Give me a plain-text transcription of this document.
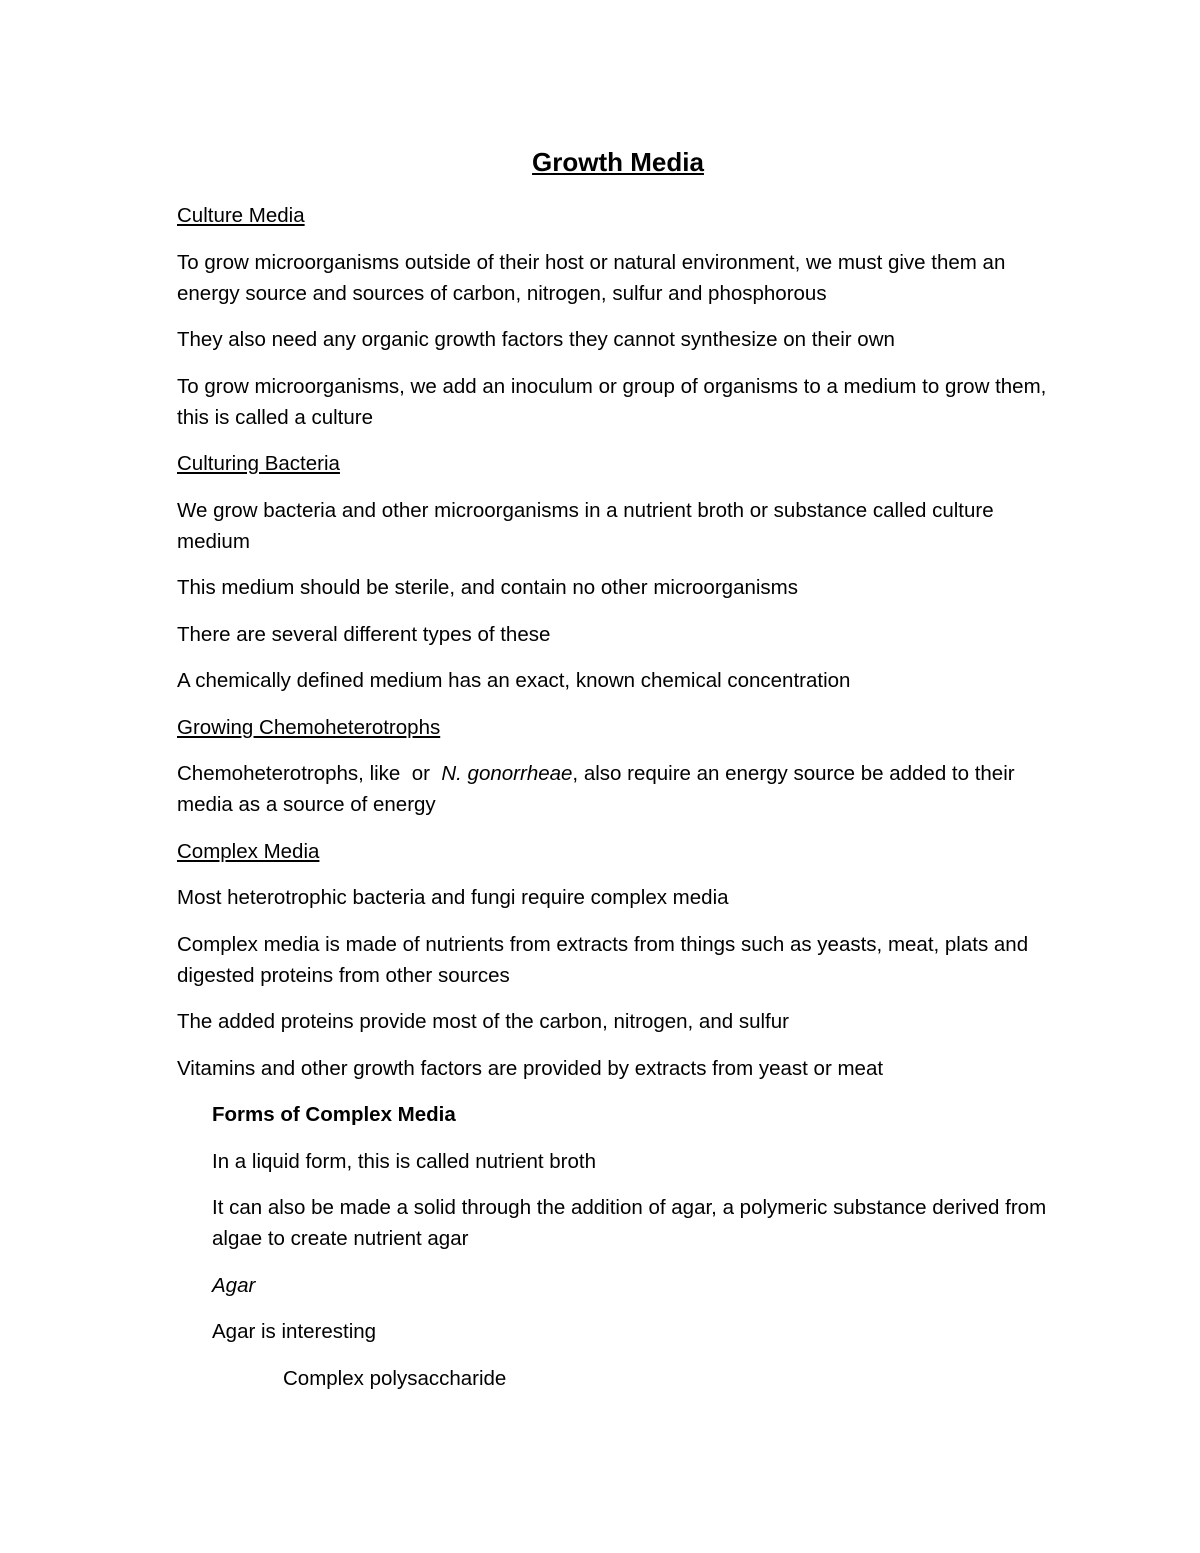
Growth Media

Culture Media

To grow microorganisms outside of their host or natural environment, we must give them an energy source and sources of carbon, nitrogen, sulfur and phosphorous

They also need any organic growth factors they cannot synthesize on their own

To grow microorganisms, we add an inoculum or group of organisms to a medium to grow them, this is called a culture

Culturing Bacteria

We grow bacteria and other microorganisms in a nutrient broth or substance called culture medium

This medium should be sterile, and contain no other microorganisms

There are several different types of these

A chemically defined medium has an exact, known chemical concentration

Growing Chemoheterotrophs

Chemoheterotrophs, like  or  N. gonorrheae, also require an energy source be added to their media as a source of energy

Complex Media

Most heterotrophic bacteria and fungi require complex media

Complex media is made of nutrients from extracts from things such as yeasts, meat, plats and digested proteins from other sources

The added proteins provide most of the carbon, nitrogen, and sulfur

Vitamins and other growth factors are provided by extracts from yeast or meat

Forms of Complex Media

In a liquid form, this is called nutrient broth

It can also be made a solid through the addition of agar, a polymeric substance derived from algae to create nutrient agar

Agar

Agar is interesting

Complex polysaccharide
